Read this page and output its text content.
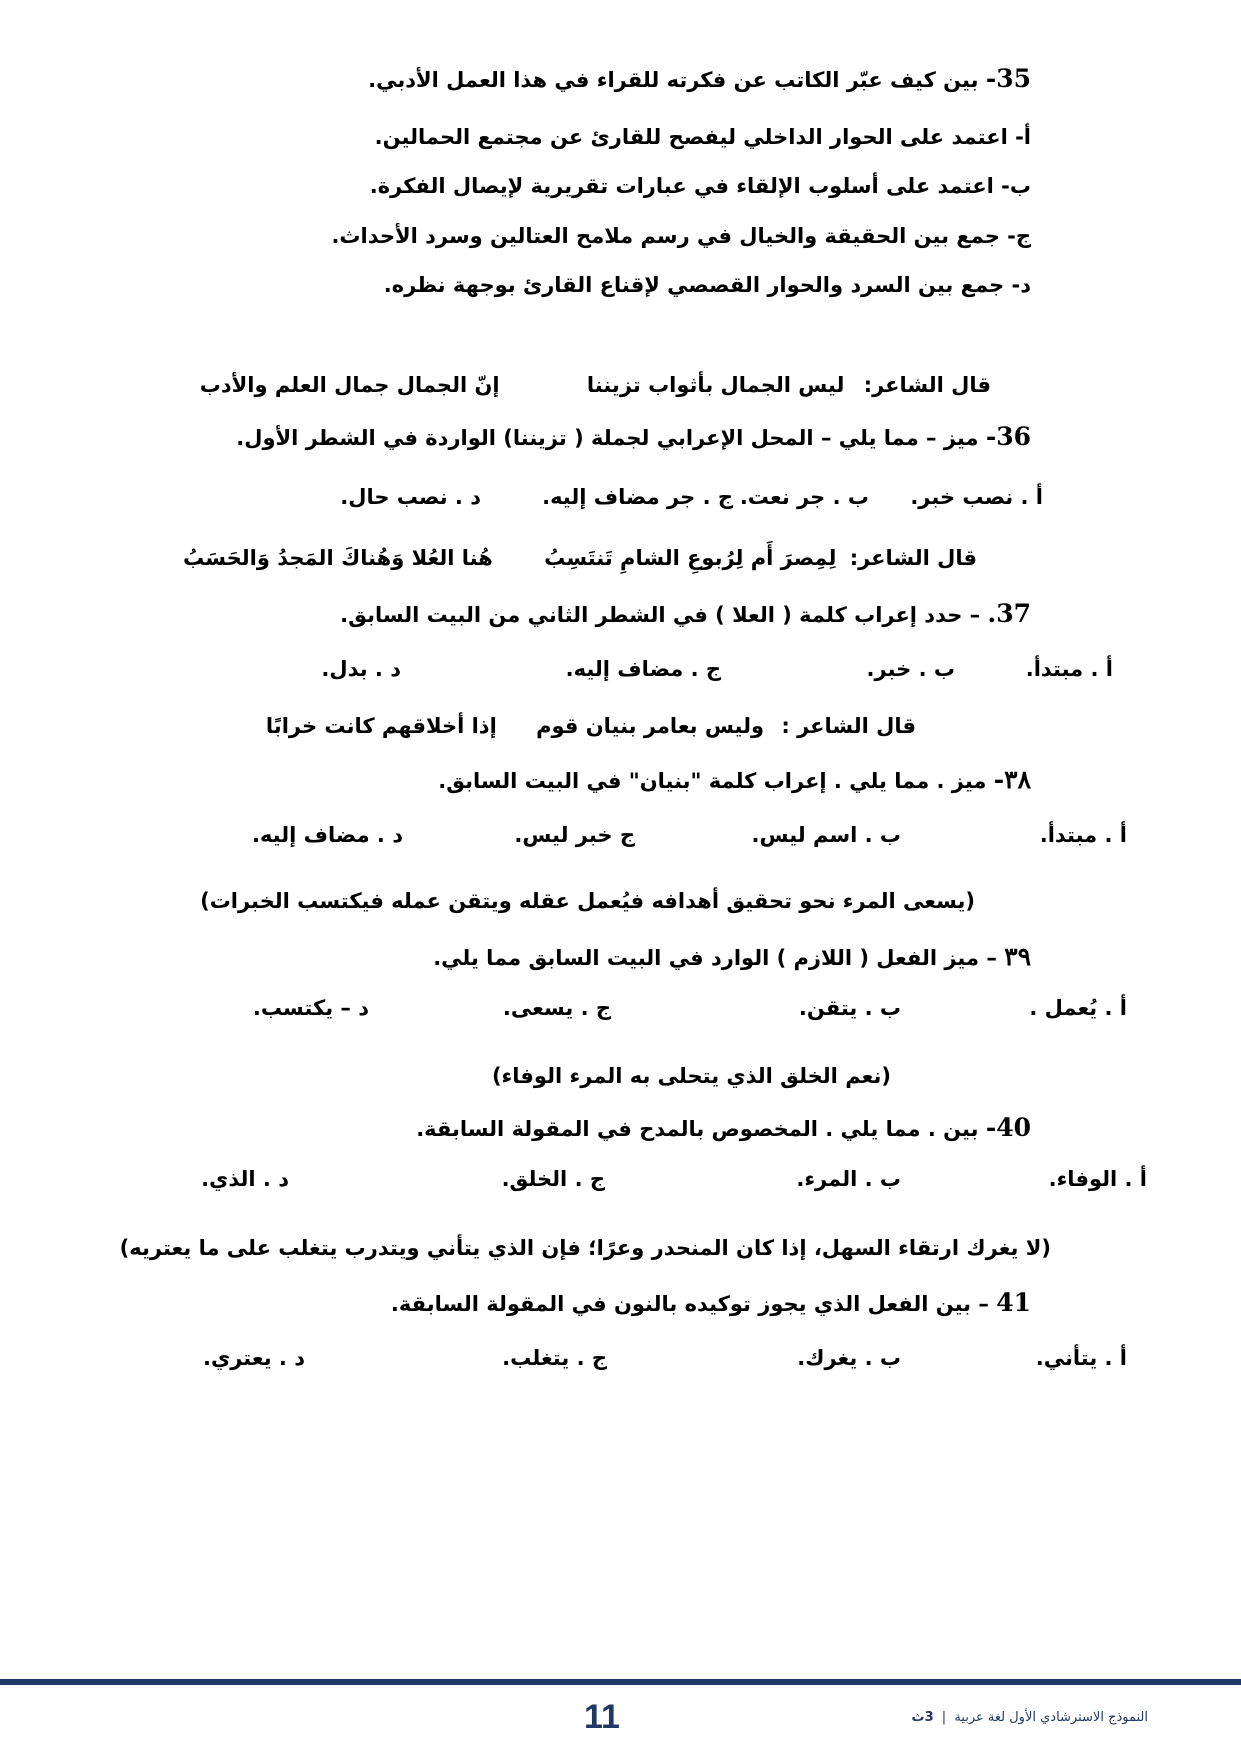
35- بين كيف عبّر الكاتب عن فكرته للقراء في هذا العمل الأدبي.
أ- اعتمد على الحوار الداخلي ليفصح للقارئ عن مجتمع الحمالين.
ب- اعتمد على أسلوب الإلقاء في عبارات تقريرية لإيصال الفكرة.
ج- جمع بين الحقيقة والخيال في رسم ملامح العتالين وسرد الأحداث.
د- جمع بين السرد والحوار القصصي لإقناع القارئ بوجهة نظره.
قال الشاعر: ليس الجمال بأثواب تزيننا إنّ الجمال جمال العلم والأدب
36- ميز – مما يلي – المحل الإعرابي لجملة ( تزيننا) الواردة في الشطر الأول.
أ . نصب خبر.
ب . جر نعت.
ج . جر مضاف إليه.
د . نصب حال.
قال الشاعر: لِمِصرَ أَم لِرُبوعِ الشامِ تَنتَسِبُ هُنا العُلا وَهُناكَ المَجدُ وَالحَسَبُ
37. – حدد إعراب كلمة ( العلا ) في الشطر الثاني من البيت السابق.
أ . مبتدأ.
ب . خبر.
ج . مضاف إليه.
د . بدل.
قال الشاعر : وليس بعامر بنيان قوم إذا أخلاقهم كانت خرابًا
٣٨- ميز . مما يلي . إعراب كلمة "بنيان" في البيت السابق.
أ . مبتدأ.
ب . اسم ليس.
ج خبر ليس.
د . مضاف إليه.
(يسعى المرء نحو تحقيق أهدافه فيُعمل عقله ويتقن عمله فيكتسب الخبرات)
٣٩ – ميز الفعل ( اللازم ) الوارد في البيت السابق مما يلي.
أ . يُعمل .
ب . يتقن.
ج . يسعى.
د – يكتسب.
(نعم الخلق الذي يتحلى به المرء الوفاء)
40- بين . مما يلي . المخصوص بالمدح في المقولة السابقة.
أ . الوفاء.
ب . المرء.
ج . الخلق.
د . الذي.
(لا يغرك ارتقاء السهل، إذا كان المنحدر وعرًا؛ فإن الذي يتأني ويتدرب يتغلب على ما يعتريه)
41 – بين الفعل الذي يجوز توكيده بالنون في المقولة السابقة.
أ . يتأني.
ب . يغرك.
ج . يتغلب.
د . يعتري.
11	النموذج الاسترشادي الأول لغة عربية | 3ث
